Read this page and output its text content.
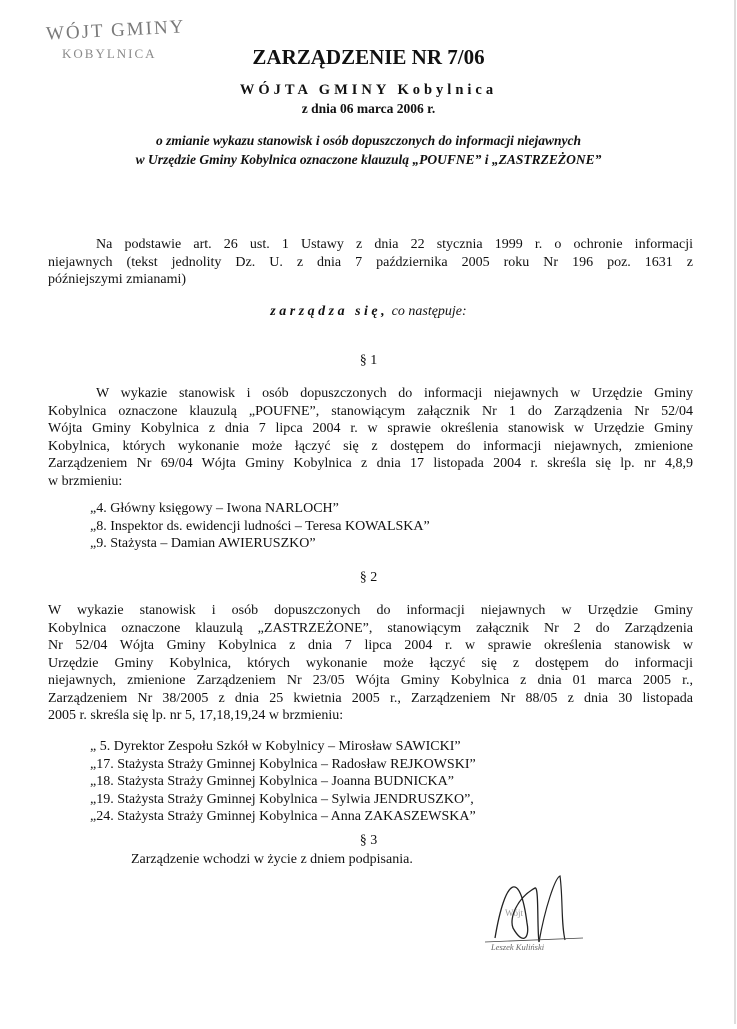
WÓJT GMINY
KOBYLNICA	ZARZĄDZENIE NR 7/06
WÓJTA GMINY Kobylnica
z dnia 06 marca 2006 r.
o zmianie wykazu stanowisk i osób dopuszczonych do informacji niejawnych
w Urzędzie Gminy Kobylnica oznaczone klauzulą „POUFNE” i „ZASTRZEŻONE”
Na podstawie art. 26 ust. 1 Ustawy z dnia 22 stycznia 1999 r. o ochronie informacji
niejawnych (tekst jednolity Dz. U. z dnia 7 października 2005 roku Nr 196 poz. 1631 z
późniejszymi zmianami)
zarządza się, co następuje:
§ 1
W wykazie stanowisk i osób dopuszczonych do informacji niejawnych w Urzędzie Gminy
Kobylnica oznaczone klauzulą „POUFNE”, stanowiącym załącznik Nr 1 do Zarządzenia Nr 52/04
Wójta Gminy Kobylnica z dnia 7 lipca 2004 r. w sprawie określenia stanowisk w Urzędzie Gminy
Kobylnica, których wykonanie może łączyć się z dostępem do informacji niejawnych, zmienione
Zarządzeniem Nr 69/04 Wójta Gminy Kobylnica z dnia 17 listopada 2004 r. skreśla się lp. nr 4,8,9
w brzmieniu:
„4. Główny księgowy – Iwona NARLOCH”
„8. Inspektor ds. ewidencji ludności – Teresa KOWALSKA”
„9. Stażysta – Damian AWIERUSZKO”
§ 2
W wykazie stanowisk i osób dopuszczonych do informacji niejawnych w Urzędzie Gminy
Kobylnica oznaczone klauzulą „ZASTRZEŻONE”, stanowiącym załącznik Nr 2 do Zarządzenia
Nr 52/04 Wójta Gminy Kobylnica z dnia 7 lipca 2004 r. w sprawie określenia stanowisk w
Urzędzie Gminy Kobylnica, których wykonanie może łączyć się z dostępem do informacji
niejawnych, zmienione Zarządzeniem Nr 23/05 Wójta Gminy Kobylnica z dnia 01 marca 2005 r.,
Zarządzeniem Nr 38/2005 z dnia 25 kwietnia 2005 r., Zarządzeniem Nr 88/05 z dnia 30 listopada
2005 r. skreśla się lp. nr 5, 17,18,19,24 w brzmieniu:
„ 5. Dyrektor Zespołu Szkół w Kobylnicy – Mirosław SAWICKI”
„17. Stażysta Straży Gminnej Kobylnica – Radosław REJKOWSKI”
„18. Stażysta Straży Gminnej Kobylnica – Joanna BUDNICKA”
„19. Stażysta Straży Gminnej Kobylnica – Sylwia JENDRUSZKO”,
„24. Stażysta Straży Gminnej Kobylnica – Anna ZAKASZEWSKA”
§ 3
Zarządzenie wchodzi w życie z dniem podpisania.
Wójt
Leszek Kuliński
